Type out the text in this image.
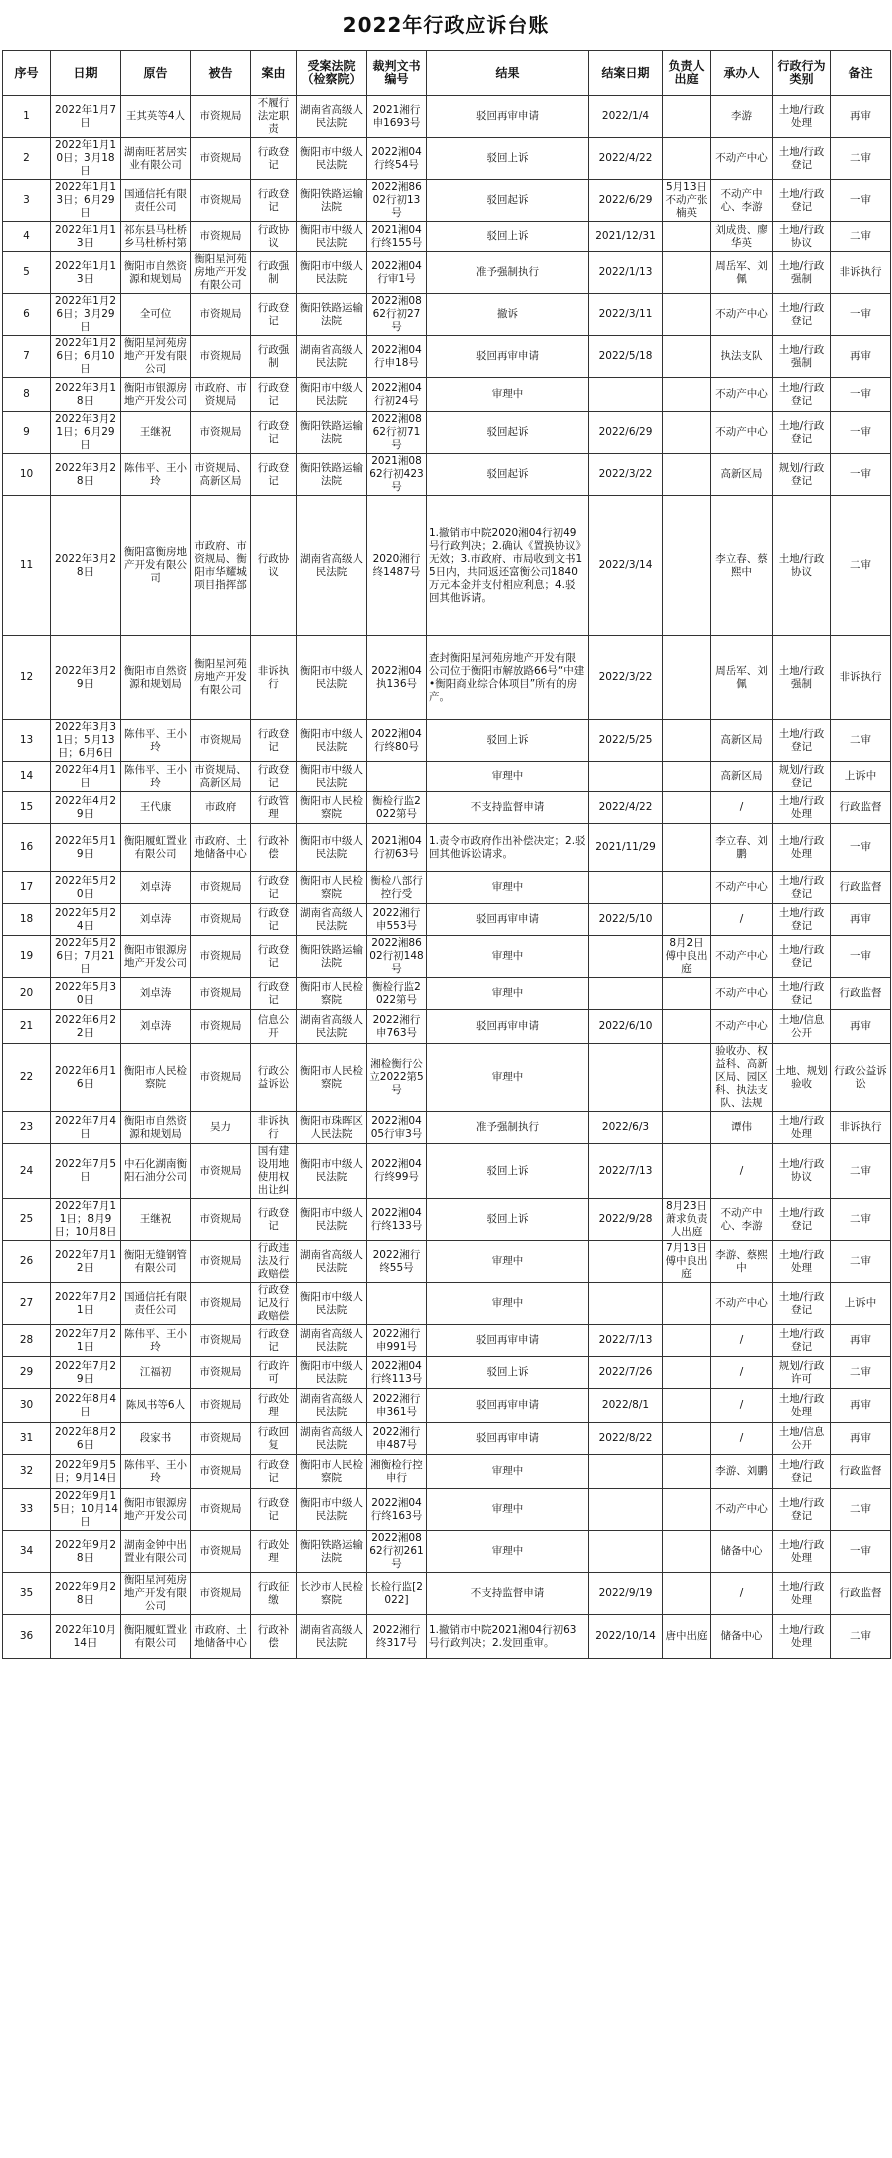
2022年行政应诉台账
序号	日期	原告	被告	案由	受案法院（检察院）	裁判文书编号	结果	结案日期	负责人出庭	承办人	行政行为类别	备注
1	2022年1月7日	王其英等4人	市资规局	不履行法定职责	湖南省高级人民法院	2021湘行申1693号	驳回再审申请	2022/1/4		李游	土地/行政处理	再审
2	2022年1月10日；3月18日	湖南旺茗居实业有限公司	市资规局	行政登记	衡阳市中级人民法院	2022湘04行终54号	驳回上诉	2022/4/22		不动产中心	土地/行政登记	二审
3	2022年1月13日；6月29日	国通信托有限责任公司	市资规局	行政登记	衡阳铁路运输法院	2022湘8602行初13号	驳回起诉	2022/6/29	5月13日不动产张楠英	不动产中心、李游	土地/行政登记	一审
4	2022年1月13日	祁东县马杜桥乡马杜桥村第	市资规局	行政协议	衡阳市中级人民法院	2021湘04行终155号	驳回上诉	2021/12/31		刘成贵、廖华英	土地/行政协议	二审
5	2022年1月13日	衡阳市自然资源和规划局	衡阳星河苑房地产开发有限公司	行政强制	衡阳市中级人民法院	2022湘04行审1号	准予强制执行	2022/1/13		周岳军、刘佩	土地/行政强制	非诉执行
6	2022年1月26日；3月29日	全可位	市资规局	行政登记	衡阳铁路运输法院	2022湘0862行初27号	撤诉	2022/3/11		不动产中心	土地/行政登记	一审
7	2022年1月26日；6月10日	衡阳星河苑房地产开发有限公司	市资规局	行政强制	湖南省高级人民法院	2022湘04行申18号	驳回再审申请	2022/5/18		执法支队	土地/行政强制	再审
8	2022年3月18日	衡阳市银源房地产开发公司	市政府、市资规局	行政登记	衡阳市中级人民法院	2022湘04行初24号	审理中			不动产中心	土地/行政登记	一审
9	2022年3月21日；6月29日	王继祝	市资规局	行政登记	衡阳铁路运输法院	2022湘0862行初71号	驳回起诉	2022/6/29		不动产中心	土地/行政登记	一审
10	2022年3月28日	陈伟平、王小玲	市资规局、高新区局	行政登记	衡阳铁路运输法院	2021湘0862行初423号	驳回起诉	2022/3/22		高新区局	规划/行政登记	一审
11	2022年3月28日	衡阳富衡房地产开发有限公司	市政府、市资规局、衡阳市华耀城项目指挥部	行政协议	湖南省高级人民法院	2020湘行终1487号	1.撤销市中院2020湘04行初49号行政判决；2.确认《置换协议》无效；3.市政府、市局收到文书15日内，共同返还富衡公司1840万元本金并支付相应利息；4.驳回其他诉请。	2022/3/14		李立春、蔡熙中	土地/行政协议	二审
12	2022年3月29日	衡阳市自然资源和规划局	衡阳星河苑房地产开发有限公司	非诉执行	衡阳市中级人民法院	2022湘04执136号	查封衡阳星河苑房地产开发有限公司位于衡阳市解放路66号“中建•衡阳商业综合体项目”所有的房产。	2022/3/22		周岳军、刘佩	土地/行政强制	非诉执行
13	2022年3月31日；5月13日；6月6日	陈伟平、王小玲	市资规局	行政登记	衡阳市中级人民法院	2022湘04行终80号	驳回上诉	2022/5/25		高新区局	土地/行政登记	二审
14	2022年4月1日	陈伟平、王小玲	市资规局、高新区局	行政登记	衡阳市中级人民法院		审理中			高新区局	规划/行政登记	上诉中
15	2022年4月29日	王代康	市政府	行政管理	衡阳市人民检察院	衡检行监2022第号	不支持监督申请	2022/4/22		/	土地/行政处理	行政监督
16	2022年5月19日	衡阳履虹置业有限公司	市政府、土地储备中心	行政补偿	衡阳市中级人民法院	2021湘04行初63号	1.责令市政府作出补偿决定；2.驳回其他诉讼请求。	2021/11/29		李立春、刘鹏	土地/行政处理	一审
17	2022年5月20日	刘卓涛	市资规局	行政登记	衡阳市人民检察院	衡检八部行控行受	审理中			不动产中心	土地/行政登记	行政监督
18	2022年5月24日	刘卓涛	市资规局	行政登记	湖南省高级人民法院	2022湘行申553号	驳回再审申请	2022/5/10		/	土地/行政登记	再审
19	2022年5月26日；7月21日	衡阳市银源房地产开发公司	市资规局	行政登记	衡阳铁路运输法院	2022湘8602行初148号	审理中		8月2日傅中良出庭	不动产中心	土地/行政登记	一审
20	2022年5月30日	刘卓涛	市资规局	行政登记	衡阳市人民检察院	衡检行监2022第号	审理中			不动产中心	土地/行政登记	行政监督
21	2022年6月22日	刘卓涛	市资规局	信息公开	湖南省高级人民法院	2022湘行申763号	驳回再审申请	2022/6/10		不动产中心	土地/信息公开	再审
22	2022年6月16日	衡阳市人民检察院	市资规局	行政公益诉讼	衡阳市人民检察院	湘检衡行公立2022第5号	审理中			验收办、权益科、高新区局、园区科、执法支队、法规	土地、规划验收	行政公益诉讼
23	2022年7月4日	衡阳市自然资源和规划局	吴力	非诉执行	衡阳市珠晖区人民法院	2022湘0405行审3号	准予强制执行	2022/6/3		谭伟	土地/行政处理	非诉执行
24	2022年7月5日	中石化湖南衡阳石油分公司	市资规局	国有建设用地使用权出让纠	衡阳市中级人民法院	2022湘04行终99号	驳回上诉	2022/7/13		/	土地/行政协议	二审
25	2022年7月11日；8月9日；10月8日	王继祝	市资规局	行政登记	衡阳市中级人民法院	2022湘04行终133号	驳回上诉	2022/9/28	8月23日萧求负责人出庭	不动产中心、李游	土地/行政登记	二审
26	2022年7月12日	衡阳无缝钢管有限公司	市资规局	行政违法及行政赔偿	湖南省高级人民法院	2022湘行终55号	审理中		7月13日傅中良出庭	李游、蔡熙中	土地/行政处理	二审
27	2022年7月21日	国通信托有限责任公司	市资规局	行政登记及行政赔偿	衡阳市中级人民法院		审理中			不动产中心	土地/行政登记	上诉中
28	2022年7月21日	陈伟平、王小玲	市资规局	行政登记	湖南省高级人民法院	2022湘行申991号	驳回再审申请	2022/7/13		/	土地/行政登记	再审
29	2022年7月29日	江福初	市资规局	行政许可	衡阳市中级人民法院	2022湘04行终113号	驳回上诉	2022/7/26		/	规划/行政许可	二审
30	2022年8月4日	陈凤书等6人	市资规局	行政处理	湖南省高级人民法院	2022湘行申361号	驳回再审申请	2022/8/1		/	土地/行政处理	再审
31	2022年8月26日	段家书	市资规局	行政回复	湖南省高级人民法院	2022湘行申487号	驳回再审申请	2022/8/22		/	土地/信息公开	再审
32	2022年9月5日；9月14日	陈伟平、王小玲	市资规局	行政登记	衡阳市人民检察院	湘衡检行控申行	审理中			李游、刘鹏	土地/行政登记	行政监督
33	2022年9月15日；10月14日	衡阳市银源房地产开发公司	市资规局	行政登记	衡阳市中级人民法院	2022湘04行终163号	审理中			不动产中心	土地/行政登记	二审
34	2022年9月28日	湖南金钟中出置业有限公司	市资规局	行政处理	衡阳铁路运输法院	2022湘0862行初261号	审理中			储备中心	土地/行政处理	一审
35	2022年9月28日	衡阳星河苑房地产开发有限公司	市资规局	行政征缴	长沙市人民检察院	长检行监[2022]	不支持监督申请	2022/9/19		/	土地/行政处理	行政监督
36	2022年10月14日	衡阳履虹置业有限公司	市政府、土地储备中心	行政补偿	湖南省高级人民法院	2022湘行终317号	1.撤销市中院2021湘04行初63号行政判决；2.发回重审。	2022/10/14	唐中出庭	储备中心	土地/行政处理	二审
